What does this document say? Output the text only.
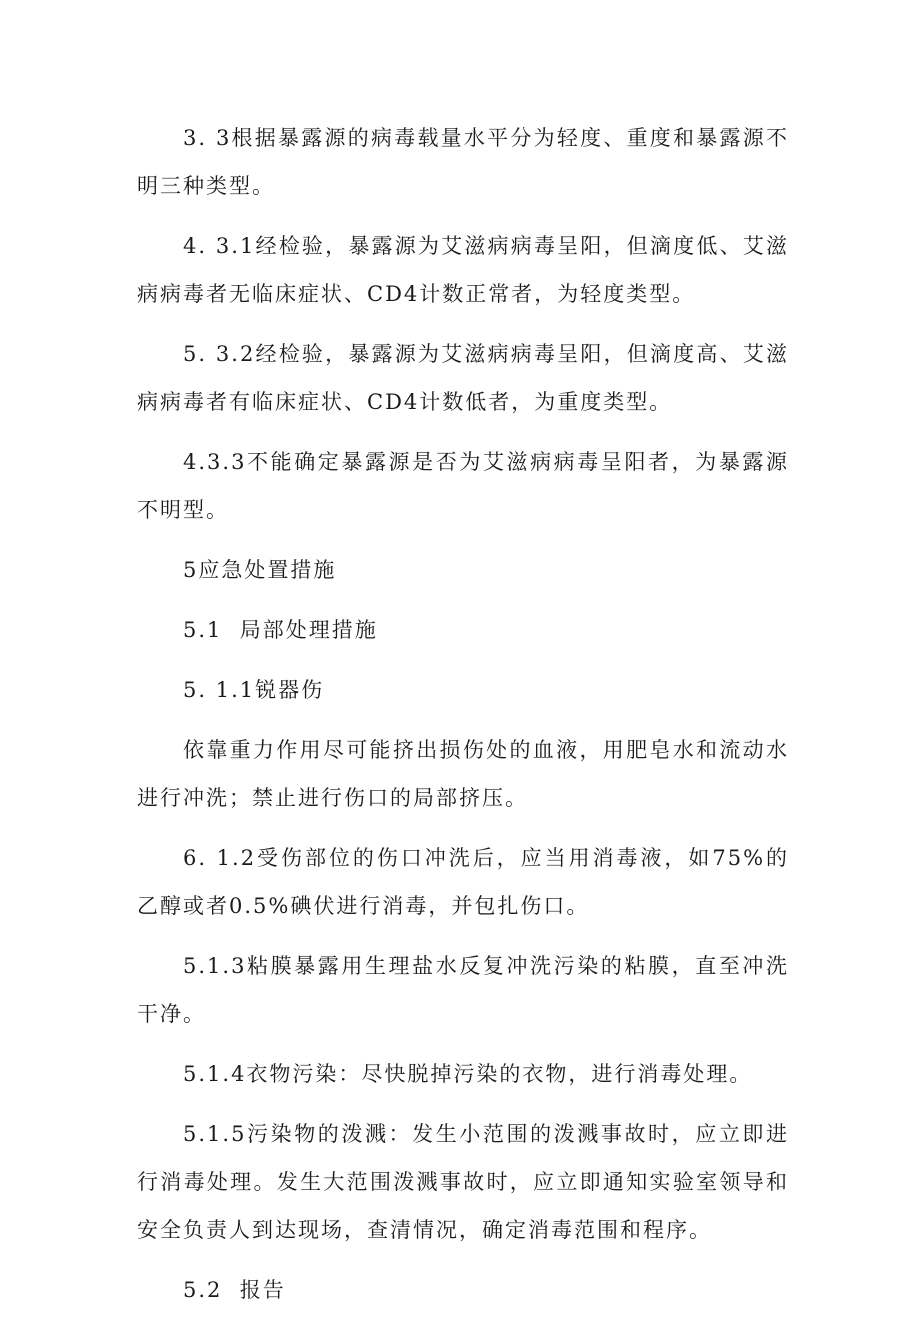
3. 3根据暴露源的病毒载量水平分为轻度、重度和暴露源不明三种类型。

4. 3.1经检验，暴露源为艾滋病病毒呈阳，但滴度低、艾滋病病毒者无临床症状、CD4计数正常者，为轻度类型。

5. 3.2经检验，暴露源为艾滋病病毒呈阳，但滴度高、艾滋病病毒者有临床症状、CD4计数低者，为重度类型。

4.3.3不能确定暴露源是否为艾滋病病毒呈阳者，为暴露源不明型。

5应急处置措施

5.1  局部处理措施

5. 1.1锐器伤

依靠重力作用尽可能挤出损伤处的血液，用肥皂水和流动水进行冲洗；禁止进行伤口的局部挤压。

6. 1.2受伤部位的伤口冲洗后，应当用消毒液，如75%的乙醇或者0.5%碘伏进行消毒，并包扎伤口。

5.1.3粘膜暴露用生理盐水反复冲洗污染的粘膜，直至冲洗干净。

5.1.4衣物污染：尽快脱掉污染的衣物，进行消毒处理。

5.1.5污染物的泼溅：发生小范围的泼溅事故时，应立即进行消毒处理。发生大范围泼溅事故时，应立即通知实验室领导和安全负责人到达现场，查清情况，确定消毒范围和程序。

5.2  报告
